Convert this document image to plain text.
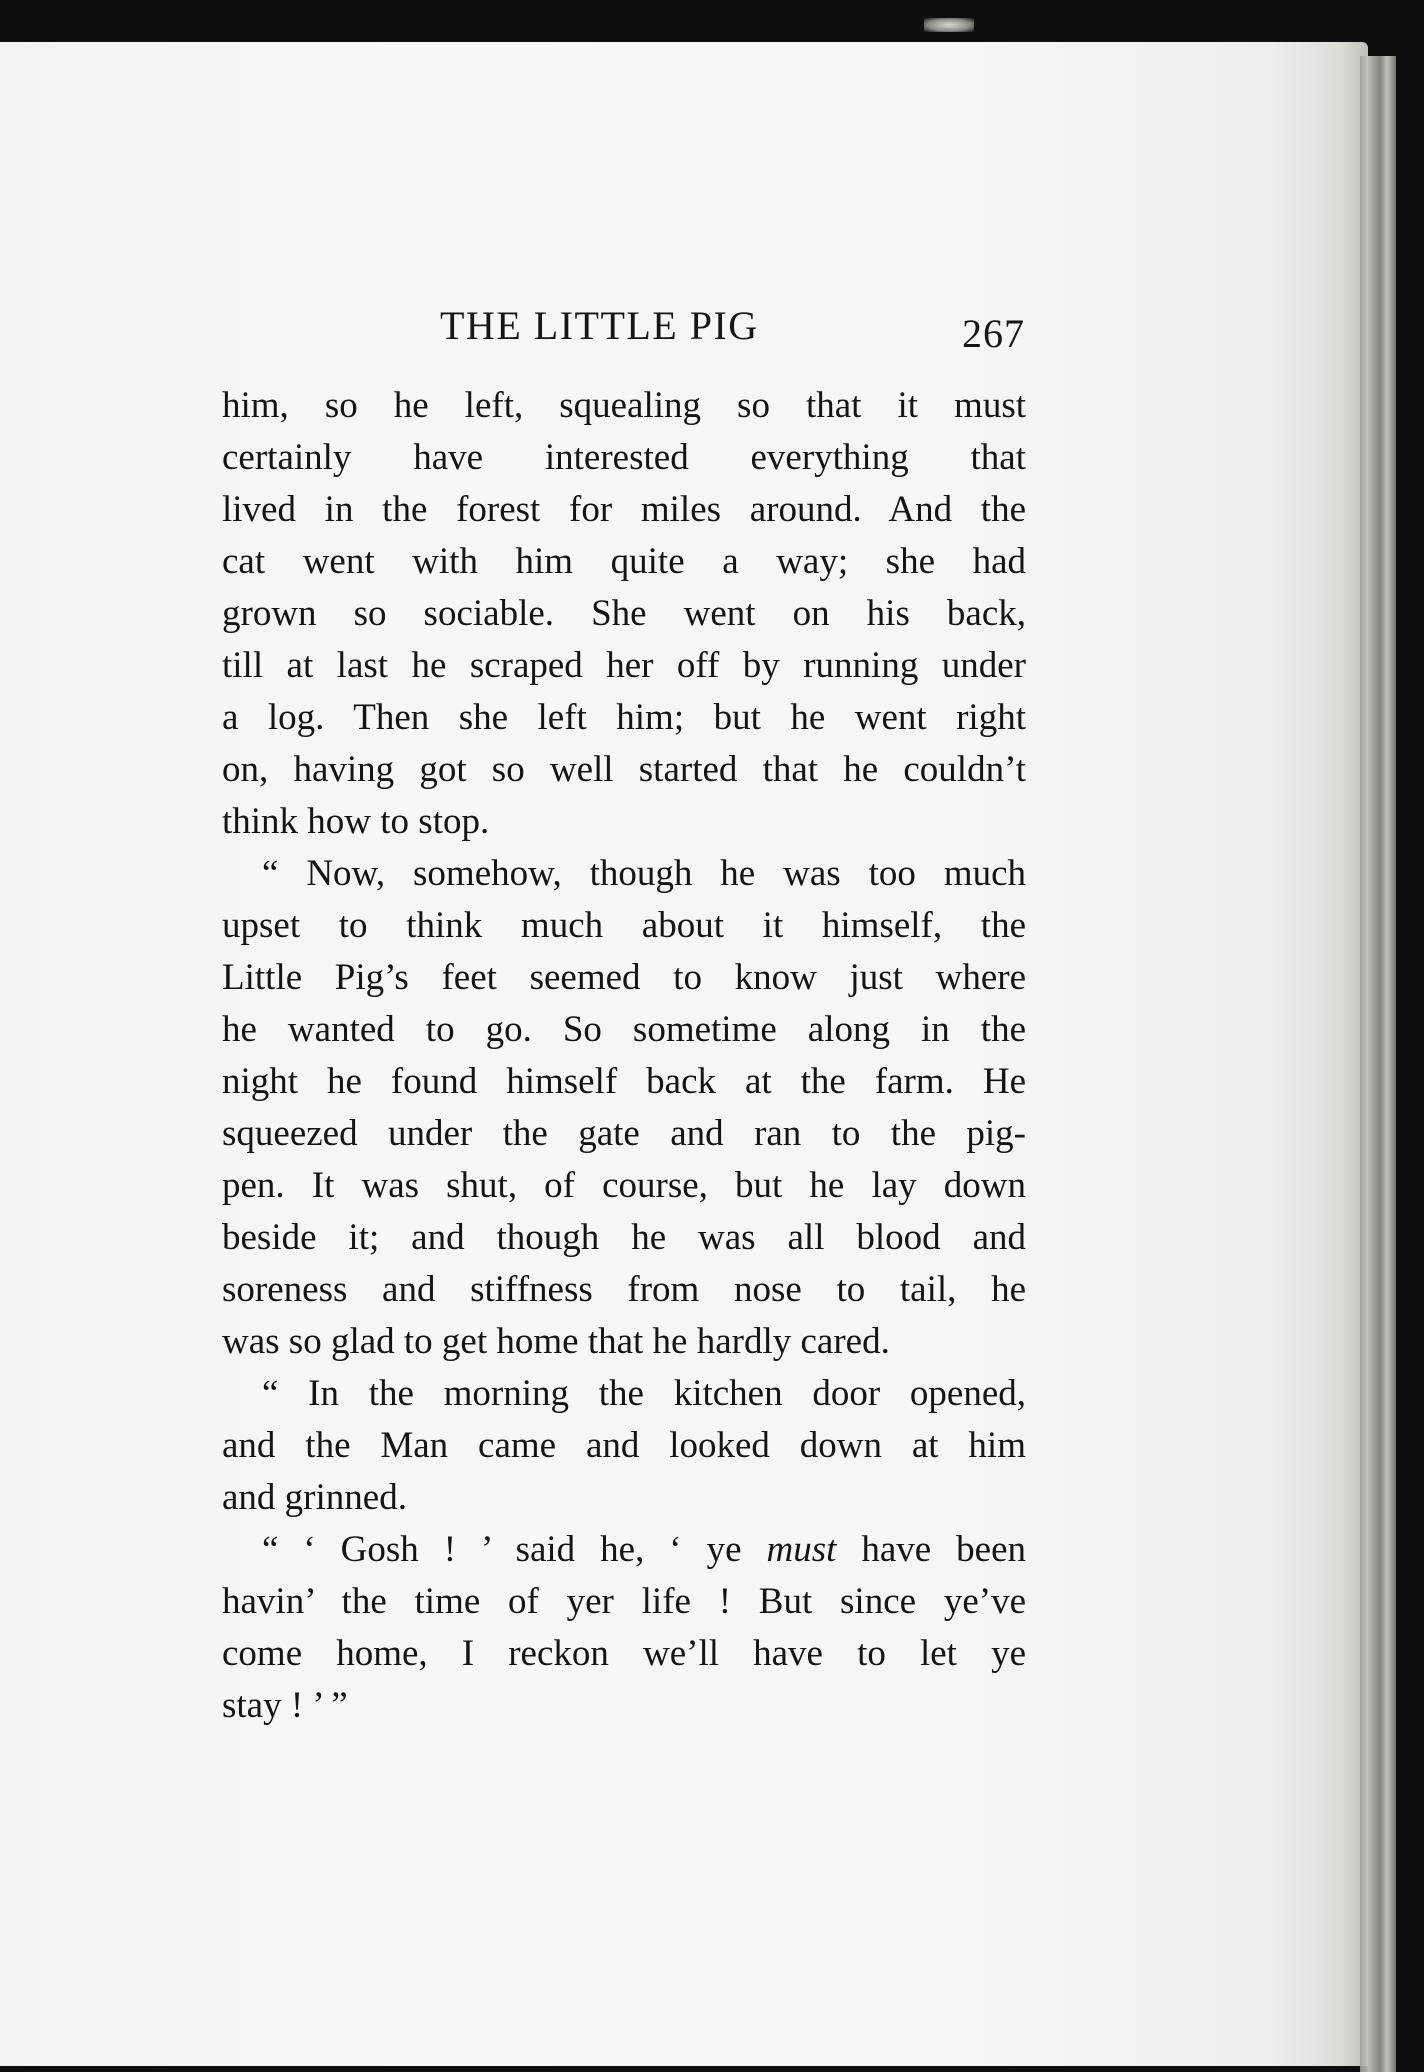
THE LITTLE PIG	267
him, so he left, squealing so that it must
certainly have interested everything that
lived in the forest for miles around. And the
cat went with him quite a way; she had
grown so sociable. She went on his back,
till at last he scraped her off by running under
a log. Then she left him; but he went right
on, having got so well started that he couldn’t
think how to stop.
“ Now, somehow, though he was too much
upset to think much about it himself, the
Little Pig’s feet seemed to know just where
he wanted to go. So sometime along in the
night he found himself back at the farm. He
squeezed under the gate and ran to the pig-
pen. It was shut, of course, but he lay down
beside it; and though he was all blood and
soreness and stiffness from nose to tail, he
was so glad to get home that he hardly cared.
“ In the morning the kitchen door opened,
and the Man came and looked down at him
and grinned.
“ ‘ Gosh ! ’ said he, ‘ ye must have been
havin’ the time of yer life ! But since ye’ve
come home, I reckon we’ll have to let ye
stay ! ’ ”
